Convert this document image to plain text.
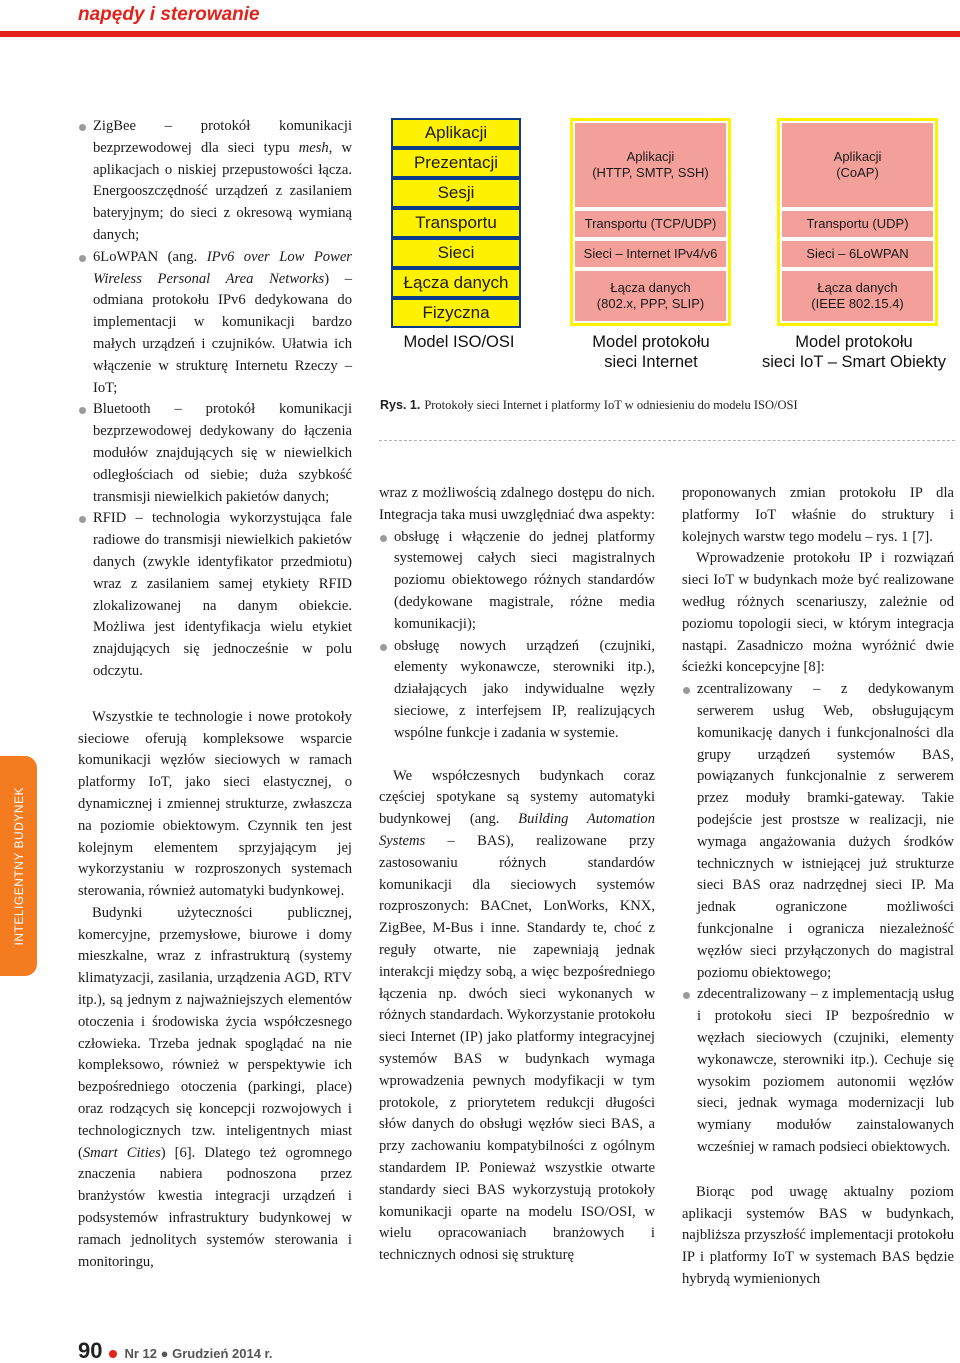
napędy i sterowanie
INTELIGENTNY BUDYNEK
ZigBee – protokół komunikacji bezprzewodowej dla sieci typu mesh, w aplikacjach o niskiej przepustowości łącza. Energooszczędność urządzeń z zasilaniem bateryjnym; do sieci z okresową wymianą danych;
6LoWPAN (ang. IPv6 over Low Power Wireless Personal Area Networks) – odmiana protokołu IPv6 dedykowana do implementacji w komunikacji bardzo małych urządzeń i czujników. Ułatwia ich włączenie w strukturę Internetu Rzeczy – IoT;
Bluetooth – protokół komunikacji bezprzewodowej dedykowany do łączenia modułów znajdujących się w niewielkich odległościach od siebie; duża szybkość transmisji niewielkich pakietów danych;
RFID – technologia wykorzystująca fale radiowe do transmisji niewielkich pakietów danych (zwykle identyfikator przedmiotu) wraz z zasilaniem samej etykiety RFID zlokalizowanej na danym obiekcie. Możliwa jest identyfikacja wielu etykiet znajdujących się jednocześnie w polu odczytu.

Wszystkie te technologie i nowe protokoły sieciowe oferują kompleksowe wsparcie komunikacji węzłów sieciowych w ramach platformy IoT, jako sieci elastycznej, o dynamicznej i zmiennej strukturze, zwłaszcza na poziomie obiektowym. Czynnik ten jest kolejnym elementem sprzyjającym jej wykorzystaniu w rozproszonych systemach sterowania, również automatyki budynkowej.

Budynki użyteczności publicznej, komercyjne, przemysłowe, biurowe i domy mieszkalne, wraz z infrastrukturą (systemy klimatyzacji, zasilania, urządzenia AGD, RTV itp.), są jednym z najważniejszych elementów otoczenia i środowiska życia współczesnego człowieka. Trzeba jednak spoglądać na nie kompleksowo, również w perspektywie ich bezpośredniego otoczenia (parkingi, place) oraz rodzących się koncepcji rozwojowych i technologicznych tzw. inteligentnych miast (Smart Cities) [6]. Dlatego też ogromnego znaczenia nabiera podnoszona przez branżystów kwestia integracji urządzeń i podsystemów infrastruktury budynkowej w ramach jednolitych systemów sterowania i monitoringu,

Aplikacji
Prezentacji
Sesji
Transportu
Sieci
Łącza danych
Fizyczna
Model ISO/OSI
Aplikacji
(HTTP, SMTP, SSH)
Transportu (TCP/UDP)
Sieci – Internet IPv4/v6
Łącza danych
(802.x, PPP, SLIP)
Model protokołu
sieci Internet
Aplikacji
(CoAP)
Transportu (UDP)
Sieci – 6LoWPAN
Łącza danych
(IEEE 802.15.4)
Model protokołu
sieci IoT – Smart Obiekty
Rys. 1. Protokoły sieci Internet i platformy IoT w odniesieniu do modelu ISO/OSI

wraz z możliwością zdalnego dostępu do nich. Integracja taka musi uwzględniać dwa aspekty:

obsługę i włączenie do jednej platformy systemowej całych sieci magistralnych poziomu obiektowego różnych standardów (dedykowane magistrale, różne media komunikacji);
obsługę nowych urządzeń (czujniki, elementy wykonawcze, sterowniki itp.), działających jako indywidualne węzły sieciowe, z interfejsem IP, realizujących wspólne funkcje i zadania w systemie.

We współczesnych budynkach coraz częściej spotykane są systemy automatyki budynkowej (ang. Building Automation Systems – BAS), realizowane przy zastosowaniu różnych standardów komunikacji dla sieciowych systemów rozproszonych: BACnet, LonWorks, KNX, ZigBee, M-Bus i inne. Standardy te, choć z reguły otwarte, nie zapewniają jednak interakcji między sobą, a więc bezpośredniego łączenia np. dwóch sieci wykonanych w różnych standardach. Wykorzystanie protokołu sieci Internet (IP) jako platformy integracyjnej systemów BAS w budynkach wymaga wprowadzenia pewnych modyfikacji w tym protokole, z priorytetem redukcji długości słów danych do obsługi węzłów sieci BAS, a przy zachowaniu kompatybilności z ogólnym standardem IP. Ponieważ wszystkie otwarte standardy sieci BAS wykorzystują protokoły komunikacji oparte na modelu ISO/OSI, w wielu opracowaniach branżowych i technicznych odnosi się strukturę

proponowanych zmian protokołu IP dla platformy IoT właśnie do struktury i kolejnych warstw tego modelu – rys. 1 [7].

Wprowadzenie protokołu IP i rozwiązań sieci IoT w budynkach może być realizowane według różnych scenariuszy, zależnie od poziomu topologii sieci, w którym integracja nastąpi. Zasadniczo można wyróżnić dwie ścieżki koncepcyjne [8]:

zcentralizowany – z dedykowanym serwerem usług Web, obsługującym komunikację danych i funkcjonalności dla grupy urządzeń systemów BAS, powiązanych funkcjonalnie z serwerem przez moduły bramki-gateway. Takie podejście jest prostsze w realizacji, nie wymaga angażowania dużych środków technicznych w istniejącej już strukturze sieci BAS oraz nadrzędnej sieci IP. Ma jednak ograniczone możliwości funkcjonalne i ogranicza niezależność węzłów sieci przyłączonych do magistral poziomu obiektowego;
zdecentralizowany – z implementacją usług i protokołu sieci IP bezpośrednio w węzłach sieciowych (czujniki, elementy wykonawcze, sterowniki itp.). Cechuje się wysokim poziomem autonomii węzłów sieci, jednak wymaga modernizacji lub wymiany modułów zainstalowanych wcześniej w ramach podsieci obiektowych.

Biorąc pod uwagę aktualny poziom aplikacji systemów BAS w budynkach, najbliższa przyszłość implementacji protokołu IP i platformy IoT w systemach BAS będzie hybrydą wymienionych

90 Nr 12 ● Grudzień 2014 r.
